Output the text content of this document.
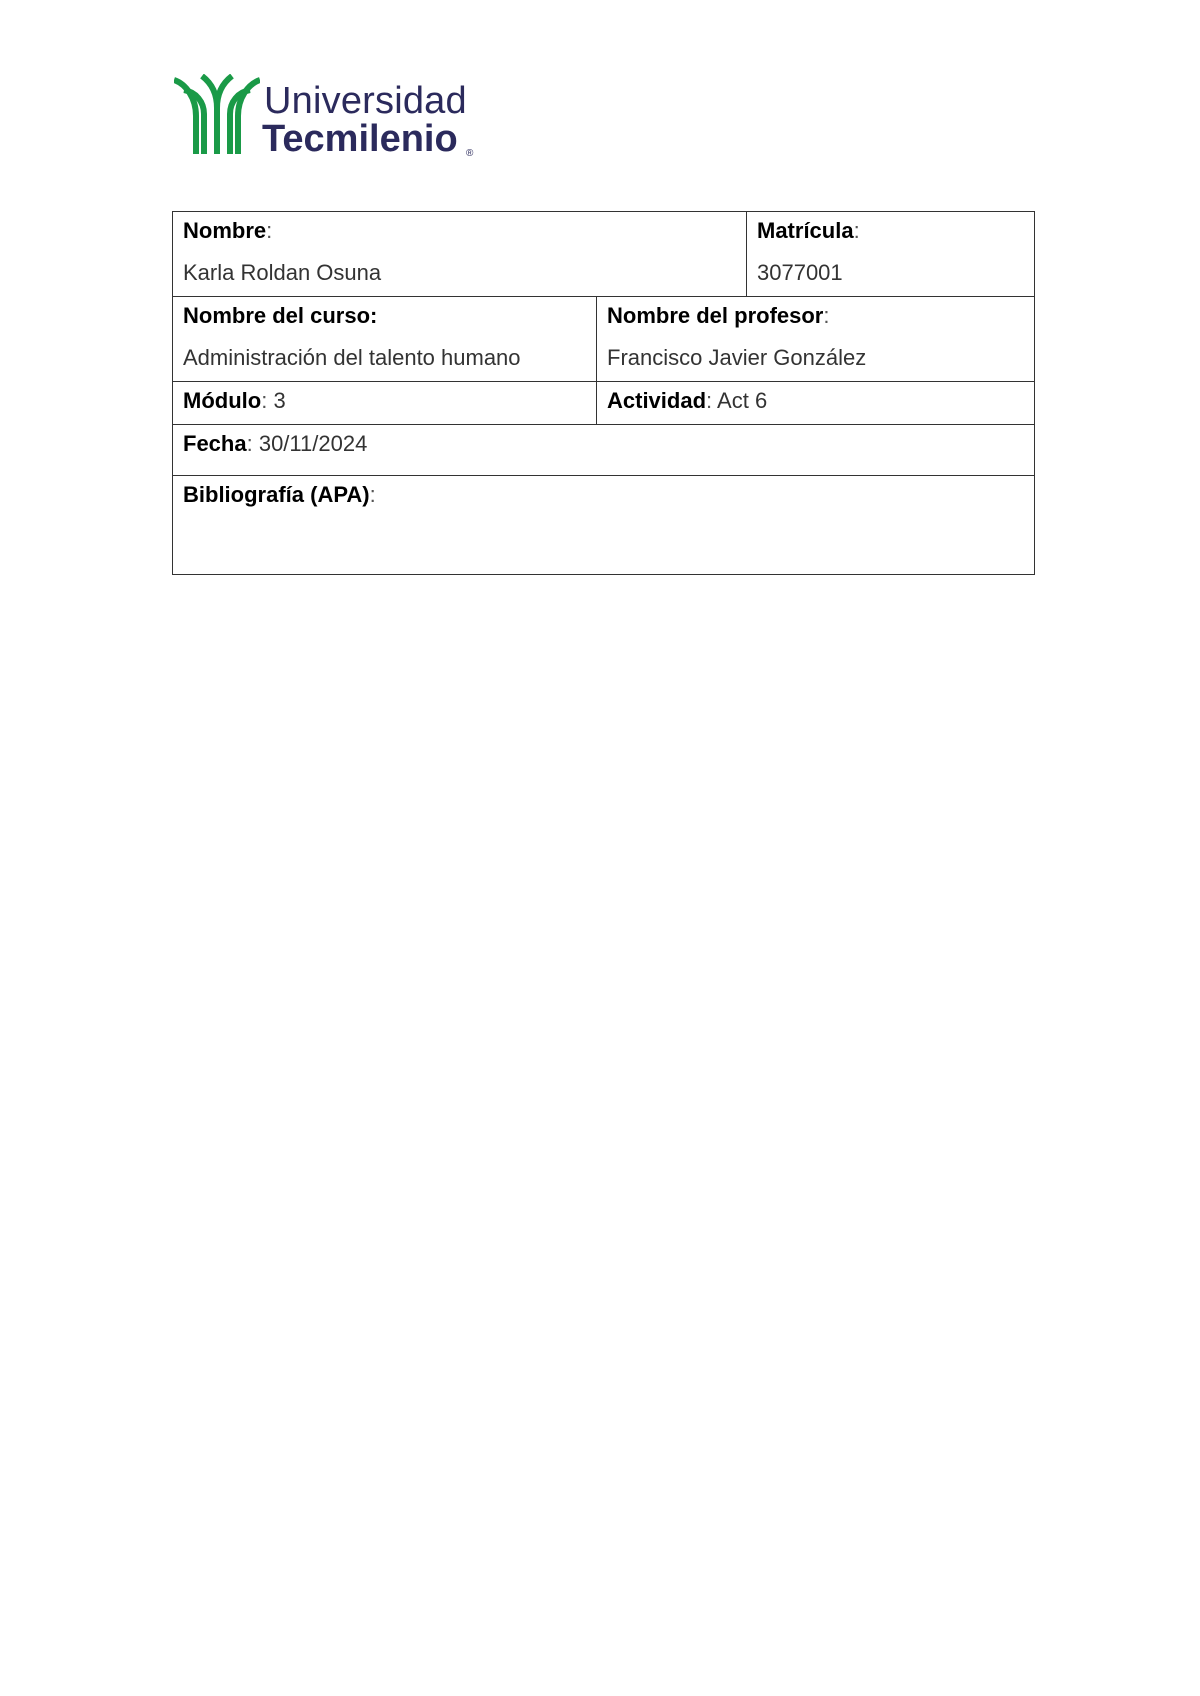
Universidad
Tecmilenio ®
Nombre:
Karla Roldan Osuna		Matrícula:
3077001

Nombre del curso:
Administración del talento humano	Nombre del profesor:
Francisco Javier González	

Módulo: 3	Actividad: Act 6	
Fecha: 30/11/2024		
Bibliografía (APA):		
